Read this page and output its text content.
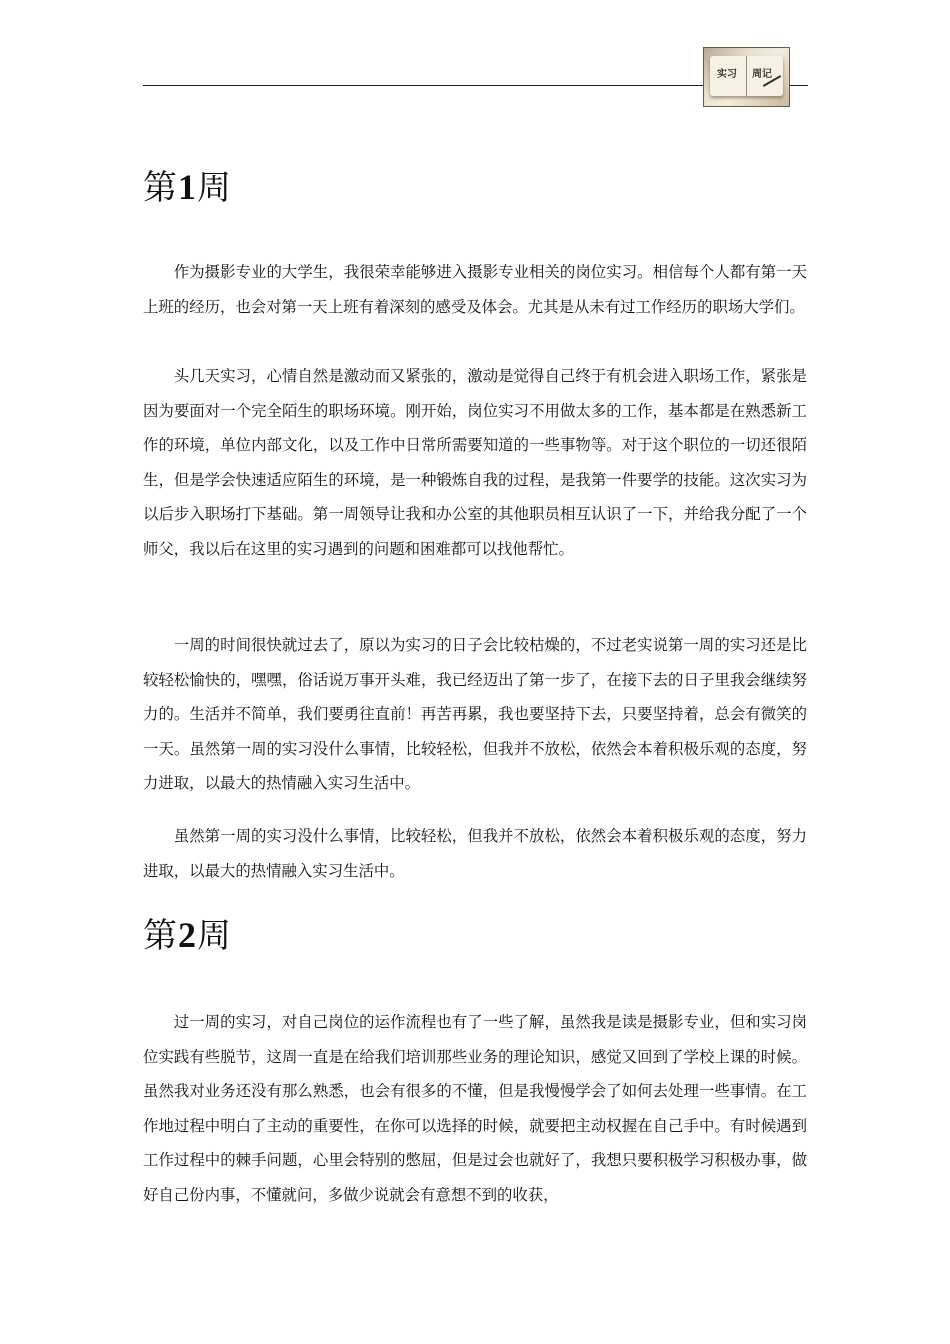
实习 周记
第1周

作为摄影专业的大学生，我很荣幸能够进入摄影专业相关的岗位实习。相信每个人都有第一天上班的经历，也会对第一天上班有着深刻的感受及体会。尤其是从未有过工作经历的职场大学们。

头几天实习，心情自然是激动而又紧张的，激动是觉得自己终于有机会进入职场工作，紧张是因为要面对一个完全陌生的职场环境。刚开始，岗位实习不用做太多的工作，基本都是在熟悉新工作的环境，单位内部文化，以及工作中日常所需要知道的一些事物等。对于这个职位的一切还很陌生，但是学会快速适应陌生的环境，是一种锻炼自我的过程，是我第一件要学的技能。这次实习为以后步入职场打下基础。第一周领导让我和办公室的其他职员相互认识了一下，并给我分配了一个师父，我以后在这里的实习遇到的问题和困难都可以找他帮忙。

一周的时间很快就过去了，原以为实习的日子会比较枯燥的，不过老实说第一周的实习还是比较轻松愉快的，嘿嘿，俗话说万事开头难，我已经迈出了第一步了，在接下去的日子里我会继续努力的。生活并不简单，我们要勇往直前！再苦再累，我也要坚持下去，只要坚持着，总会有微笑的一天。虽然第一周的实习没什么事情，比较轻松，但我并不放松，依然会本着积极乐观的态度，努力进取，以最大的热情融入实习生活中。

虽然第一周的实习没什么事情，比较轻松，但我并不放松，依然会本着积极乐观的态度，努力进取，以最大的热情融入实习生活中。

第2周

过一周的实习，对自己岗位的运作流程也有了一些了解，虽然我是读是摄影专业，但和实习岗位实践有些脱节，这周一直是在给我们培训那些业务的理论知识，感觉又回到了学校上课的时候。虽然我对业务还没有那么熟悉，也会有很多的不懂，但是我慢慢学会了如何去处理一些事情。在工作地过程中明白了主动的重要性，在你可以选择的时候，就要把主动权握在自己手中。有时候遇到工作过程中的棘手问题，心里会特别的憋屈，但是过会也就好了，我想只要积极学习积极办事，做好自己份内事，不懂就问，多做少说就会有意想不到的收获，
